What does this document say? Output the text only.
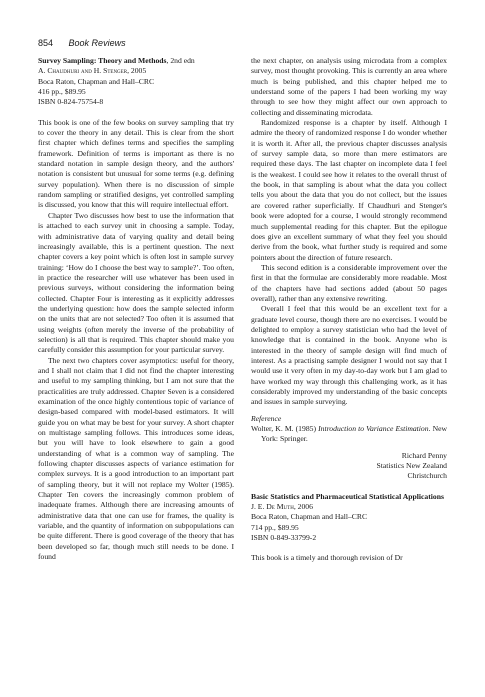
854 Book Reviews
Survey Sampling: Theory and Methods, 2nd edn
A. Chaudhuri and H. Stenger, 2005
Boca Raton, Chapman and Hall–CRC
416 pp., $89.95
ISBN 0-824-75754-8

This book is one of the few books on survey sampling that try to cover the theory in any detail. This is clear from the short first chapter which defines terms and specifies the sampling framework. Definition of terms is important as there is no standard notation in sample design theory, and the authors' notation is consistent but unusual for some terms (e.g. defining survey population). When there is no discussion of simple random sampling or stratified designs, yet controlled sampling is discussed, you know that this will require intellectual effort.

Chapter Two discusses how best to use the information that is attached to each survey unit in choosing a sample. Today, with administrative data of varying quality and detail being increasingly available, this is a pertinent question. The next chapter covers a key point which is often lost in sample survey training: ‘How do I choose the best way to sample?’. Too often, in practice the researcher will use whatever has been used in previous surveys, without considering the information being collected. Chapter Four is interesting as it explicitly addresses the underlying question: how does the sample selected inform on the units that are not selected? Too often it is assumed that using weights (often merely the inverse of the probability of selection) is all that is required. This chapter should make you carefully consider this assumption for your particular survey.

The next two chapters cover asymptotics: useful for theory, and I shall not claim that I did not find the chapter interesting and useful to my sampling thinking, but I am not sure that the practicalities are truly addressed. Chapter Seven is a considered examination of the once highly contentious topic of variance of design-based compared with model-based estimators. It will guide you on what may be best for your survey. A short chapter on multistage sampling follows. This introduces some ideas, but you will have to look elsewhere to gain a good understanding of what is a common way of sampling. The following chapter discusses aspects of variance estimation for complex surveys. It is a good introduction to an important part of sampling theory, but it will not replace my Wolter (1985). Chapter Ten covers the increasingly common problem of inadequate frames. Although there are increasing amounts of administrative data that one can use for frames, the quality is variable, and the quantity of information on subpopulations can be quite different. There is good coverage of the theory that has been developed so far, though much still needs to be done. I found

the next chapter, on analysis using microdata from a complex survey, most thought provoking. This is currently an area where much is being published, and this chapter helped me to understand some of the papers I had been working my way through to see how they might affect our own approach to collecting and disseminating microdata.

Randomized response is a chapter by itself. Although I admire the theory of randomized response I do wonder whether it is worth it. After all, the previous chapter discusses analysis of survey sample data, so more than mere estimators are required these days. The last chapter on incomplete data I feel is the weakest. I could see how it relates to the overall thrust of the book, in that sampling is about what the data you collect tells you about the data that you do not collect, but the issues are covered rather superficially. If Chaudhuri and Stenger's book were adopted for a course, I would strongly recommend much supplemental reading for this chapter. But the epilogue does give an excellent summary of what they feel you should derive from the book, what further study is required and some pointers about the direction of future research.

This second edition is a considerable improvement over the first in that the formulae are considerably more readable. Most of the chapters have had sections added (about 50 pages overall), rather than any extensive rewriting.

Overall I feel that this would be an excellent text for a graduate level course, though there are no exercises. I would be delighted to employ a survey statistician who had the level of knowledge that is contained in the book. Anyone who is interested in the theory of sample design will find much of interest. As a practising sample designer I would not say that I would use it very often in my day-to-day work but I am glad to have worked my way through this challenging work, as it has considerably improved my understanding of the basic concepts and issues in sample surveying.

Reference

Wolter, K. M. (1985) Introduction to Variance Estimation. New York: Springer.

Richard Penny
Statistics New Zealand
Christchurch
Basic Statistics and Pharmaceutical Statistical Applications
J. E. De Muth, 2006
Boca Raton, Chapman and Hall–CRC
714 pp., $89.95
ISBN 0-849-33799-2

This book is a timely and thorough revision of Dr
